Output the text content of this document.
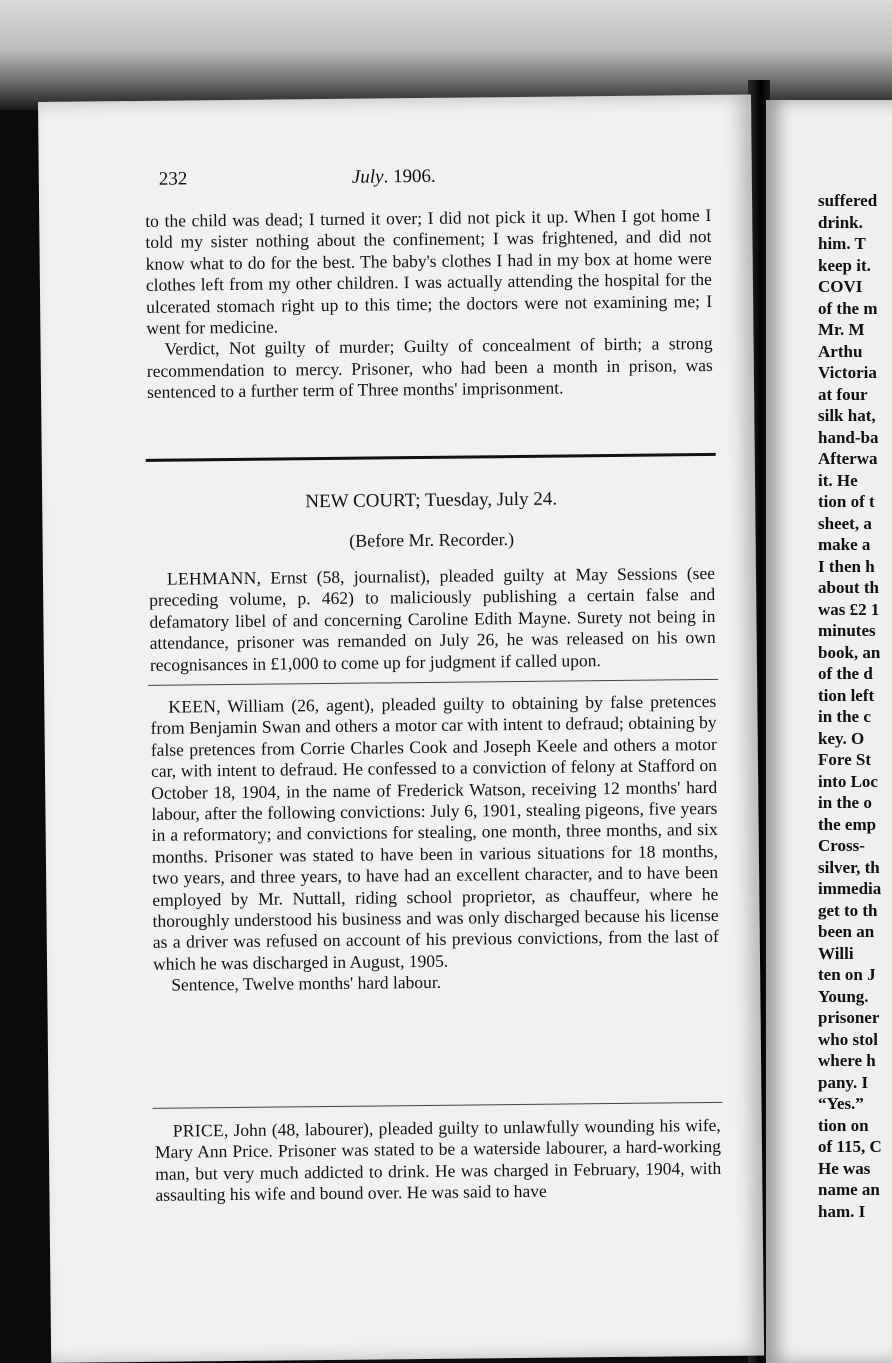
232	July. 1906.

to the child was dead; I turned it over; I did not pick it up. When I got home I told my sister nothing about the confinement; I was frightened, and did not know what to do for the best. The baby's clothes I had in my box at home were clothes left from my other children. I was actually attending the hospital for the ulcerated stomach right up to this time; the doctors were not examining me; I went for medicine.

Verdict, Not guilty of murder; Guilty of concealment of birth; a strong recommendation to mercy. Prisoner, who had been a month in prison, was sentenced to a further term of Three months' imprisonment.

NEW COURT; Tuesday, July 24.
(Before Mr. Recorder.)

LEHMANN, Ernst (58, journalist), pleaded guilty at May Sessions (see preceding volume, p. 462) to maliciously publishing a certain false and defamatory libel of and concerning Caroline Edith Mayne. Surety not being in attendance, prisoner was remanded on July 26, he was released on his own recognisances in £1,000 to come up for judgment if called upon.

KEEN, William (26, agent), pleaded guilty to obtaining by false pretences from Benjamin Swan and others a motor car with intent to defraud; obtaining by false pretences from Corrie Charles Cook and Joseph Keele and others a motor car, with intent to defraud. He confessed to a conviction of felony at Stafford on October 18, 1904, in the name of Frederick Watson, receiving 12 months' hard labour, after the following convictions: July 6, 1901, stealing pigeons, five years in a reformatory; and convictions for stealing, one month, three months, and six months. Prisoner was stated to have been in various situations for 18 months, two years, and three years, to have had an excellent character, and to have been employed by Mr. Nuttall, riding school proprietor, as chauffeur, where he thoroughly understood his business and was only discharged because his license as a driver was refused on account of his previous convictions, from the last of which he was discharged in August, 1905.

Sentence, Twelve months' hard labour.

PRICE, John (48, labourer), pleaded guilty to unlawfully wounding his wife, Mary Ann Price. Prisoner was stated to be a waterside labourer, a hard-working man, but very much addicted to drink. He was charged in February, 1904, with assaulting his wife and bound over. He was said to have

suffered
drink.
him. T
keep it.
COVI
of the m
Mr. M
Arthu
Victoria
at four
silk hat,
hand-ba
Afterwa
it. He
tion of t
sheet, a
make a
I then h
about th
was £2 1
minutes
book, an
of the d
tion left
in the c
key. O
Fore St
into Loc
in the o
the emp
Cross-
silver, th
immedia
get to th
been an
Willi
ten on J
Young.
prisoner
who stol
where h
pany. I
“Yes.”
tion on
of 115, C
He was
name an
ham. I
